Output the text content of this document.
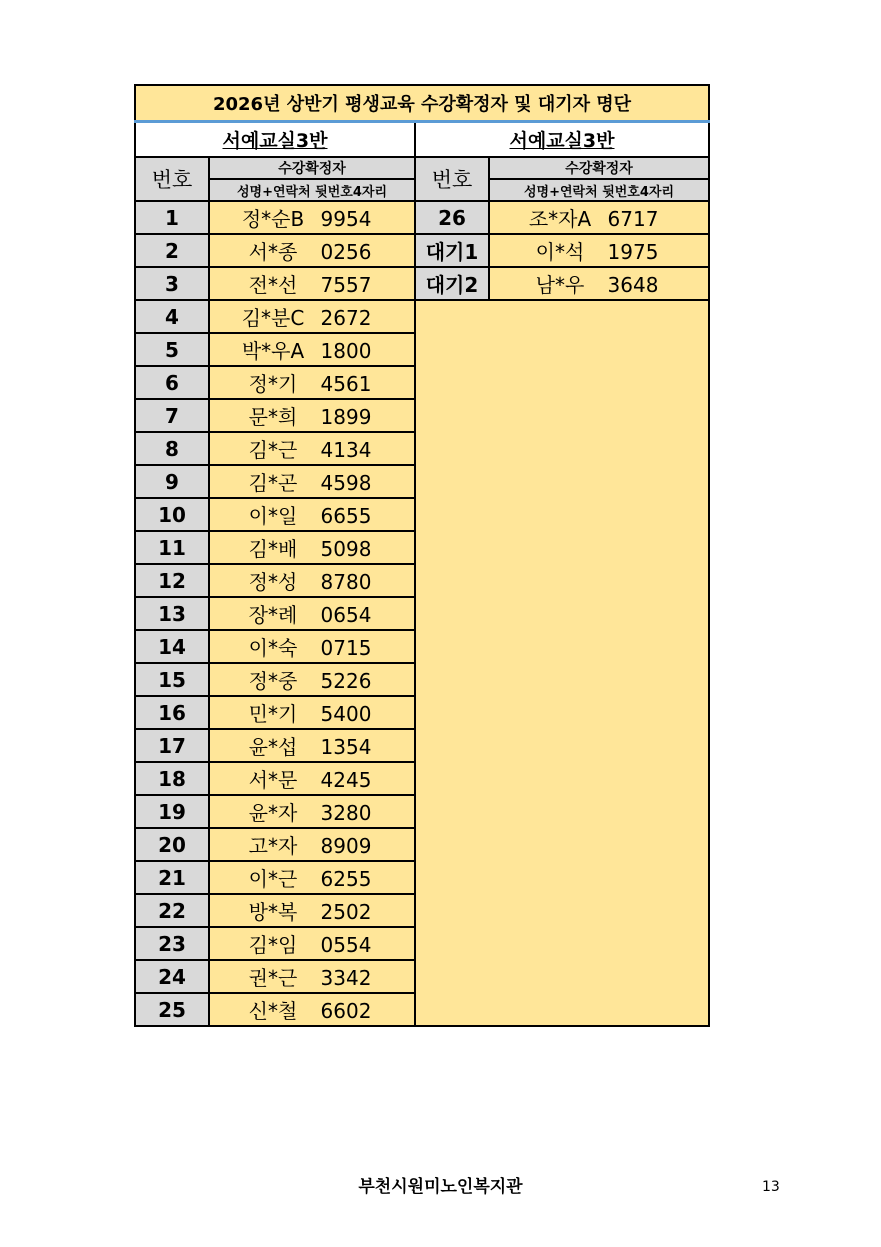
2026년 상반기 평생교육 수강확정자 및 대기자 명단			
서예교실3반		서예교실3반	
번호	수강확정자	번호	수강확정자
	성명+연락처 뒷번호4자리		성명+연락처 뒷번호4자리
1	정*순B 9954	26	조*자A 6717
2	서*종 0256	대기1	이*석 1975
3	전*선 7557	대기2	남*우 3648
4	김*분C 2672		
5	박*우A 1800		
6	정*기 4561		
7	문*희 1899		
8	김*근 4134		
9	김*곤 4598		
10	이*일 6655		
11	김*배 5098		
12	정*성 8780		
13	장*례 0654		
14	이*숙 0715		
15	정*중 5226		
16	민*기 5400		
17	윤*섭 1354		
18	서*문 4245		
19	윤*자 3280		
20	고*자 8909		
21	이*근 6255		
22	방*복 2502		
23	김*임 0554		
24	권*근 3342		
25	신*철 6602		
부천시원미노인복지관	13
